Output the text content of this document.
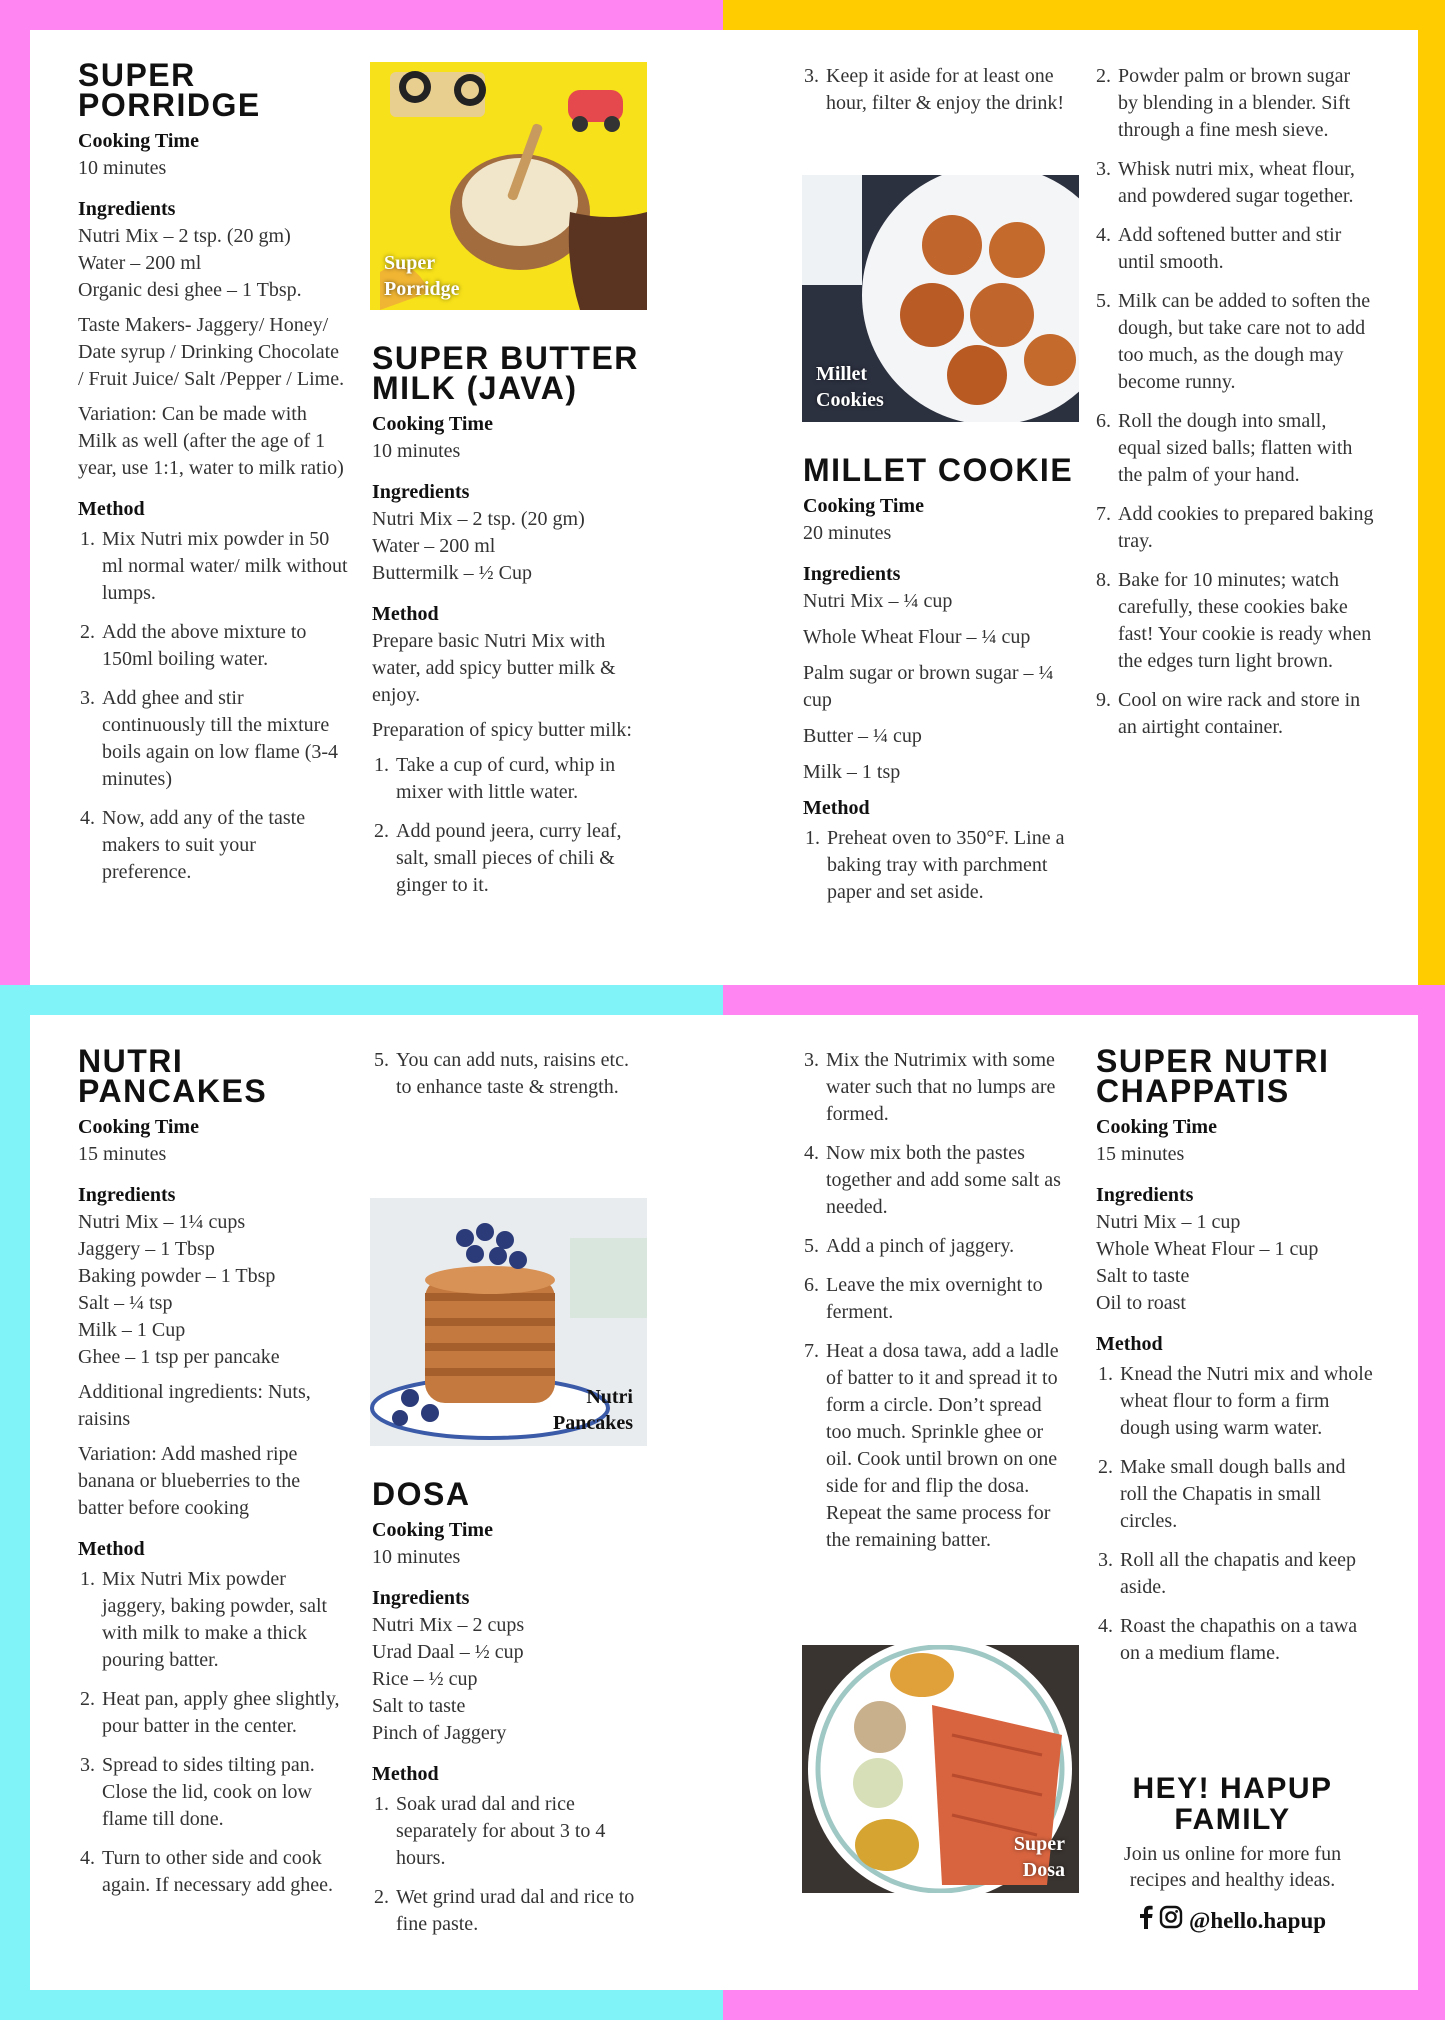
SUPER PORRIDGE

Cooking Time

10 minutes

Ingredients

Nutri Mix – 2 tsp. (20 gm)
Water – 200 ml
Organic desi ghee – 1 Tbsp.

Taste Makers- Jaggery/ Honey/ Date syrup / Drinking Chocolate / Fruit Juice/ Salt /Pepper / Lime.

Variation: Can be made with Milk as well (after the age of 1 year, use 1:1, water to milk ratio)

Method

1. Mix Nutri mix powder in 50 ml normal water/ milk without lumps.
2. Add the above mixture to 150ml boiling water.
3. Add ghee and stir continuously till the mixture boils again on low flame (3-4 minutes)
4. Now, add any of the taste makers to suit your preference.
Super Porridge
SUPER BUTTER MILK (JAVA)

Cooking Time

10 minutes

Ingredients

Nutri Mix – 2 tsp. (20 gm)
Water – 200 ml
Buttermilk – ½ Cup

Method

Prepare basic Nutri Mix with water, add spicy butter milk & enjoy.

Preparation of spicy butter milk:

1. Take a cup of curd, whip in mixer with little water.
2. Add pound jeera, curry leaf, salt, small pieces of chili & ginger to it.
3. Keep it aside for at least one hour, filter & enjoy the drink!
Millet Cookies
MILLET COOKIE

Cooking Time

20 minutes

Ingredients

Nutri Mix – ¼ cup
Whole Wheat Flour – ¼ cup
Palm sugar or brown sugar – ¼ cup
Butter – ¼ cup
Milk – 1 tsp

Method

1. Preheat oven to 350°F. Line a baking tray with parchment paper and set aside.
2. Powder palm or brown sugar by blending in a blender. Sift through a fine mesh sieve.
3. Whisk nutri mix, wheat flour, and powdered sugar together.
4. Add softened butter and stir until smooth.
5. Milk can be added to soften the dough, but take care not to add too much, as the dough may become runny.
6. Roll the dough into small, equal sized balls; flatten with the palm of your hand.
7. Add cookies to prepared baking tray.
8. Bake for 10 minutes; watch carefully, these cookies bake fast! Your cookie is ready when the edges turn light brown.
9. Cool on wire rack and store in an airtight container.
NUTRI PANCAKES

Cooking Time

15 minutes

Ingredients

Nutri Mix – 1¼ cups
Jaggery – 1 Tbsp
Baking powder – 1 Tbsp
Salt – ¼ tsp
Milk – 1 Cup
Ghee – 1 tsp per pancake

Additional ingredients: Nuts, raisins

Variation: Add mashed ripe banana or blueberries to the batter before cooking

Method

1. Mix Nutri Mix powder jaggery, baking powder, salt with milk to make a thick pouring batter.
2. Heat pan, apply ghee slightly, pour batter in the center.
3. Spread to sides tilting pan. Close the lid, cook on low flame till done.
4. Turn to other side and cook again. If necessary add ghee.
5. You can add nuts, raisins etc. to enhance taste & strength.
Nutri Pancakes
DOSA

Cooking Time

10 minutes

Ingredients

Nutri Mix – 2 cups
Urad Daal – ½ cup
Rice – ½ cup
Salt to taste
Pinch of Jaggery

Method

1. Soak urad dal and rice separately for about 3 to 4 hours.
2. Wet grind urad dal and rice to fine paste.
3. Mix the Nutrimix with some water such that no lumps are formed.
4. Now mix both the pastes together and add some salt as needed.
5. Add a pinch of jaggery.
6. Leave the mix overnight to ferment.
7. Heat a dosa tawa, add a ladle of batter to it and spread it to form a circle. Don’t spread too much. Sprinkle ghee or oil. Cook until brown on one side for and flip the dosa. Repeat the same process for the remaining batter.
Super Dosa
SUPER NUTRI CHAPPATIS

Cooking Time

15 minutes

Ingredients

Nutri Mix – 1 cup
Whole Wheat Flour – 1 cup
Salt to taste
Oil to roast

Method

1. Knead the Nutri mix and whole wheat flour to form a firm dough using warm water.
2. Make small dough balls and roll the Chapatis in small circles.
3. Roll all the chapatis and keep aside.
4. Roast the chapathis on a tawa on a medium flame.
HEY! HAPUP FAMILY

Join us online for more fun recipes and healthy ideas.

@hello.hapup
